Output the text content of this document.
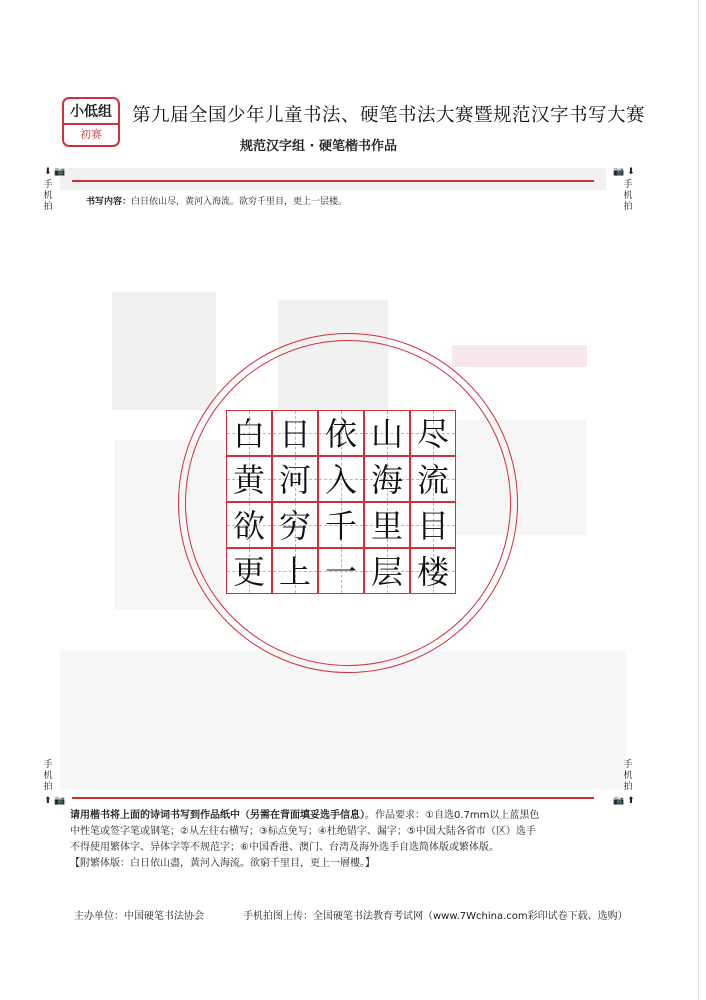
小低组
初赛
第九届全国少年儿童书法、硬笔书法大赛暨规范汉字书写大赛
规范汉字组 · 硬笔楷书作品
⬇ 📷
手
机
拍
📷 ⬇
手
机
拍
手
机
拍
⬆ 📷
手
机
拍
📷 ⬆
书写内容：白日依山尽，黄河入海流。欲穷千里目，更上一层楼。
白 日 依 山 尽
黄 河 入 海 流
欲 穷 千 里 目
更 上 一 层 楼
请用楷书将上面的诗词书写到作品纸中（另需在背面填妥选手信息）。作品要求：①自选0.7mm以上蓝黑色
中性笔或签字笔或钢笔；②从左往右横写；③标点免写；④杜绝错字、漏字；⑤中国大陆各省市（区）选手
不得使用繁体字、异体字等不规范字；⑥中国香港、澳门、台湾及海外选手自选简体版或繁体版。
【附繁体版：白日依山盡，黃河入海流。欲窮千里目，更上一層樓。】
主办单位：中国硬笔书法协会	手机拍图上传：全国硬笔书法教育考试网（www.7Wchina.com彩印试卷下载、选购）
